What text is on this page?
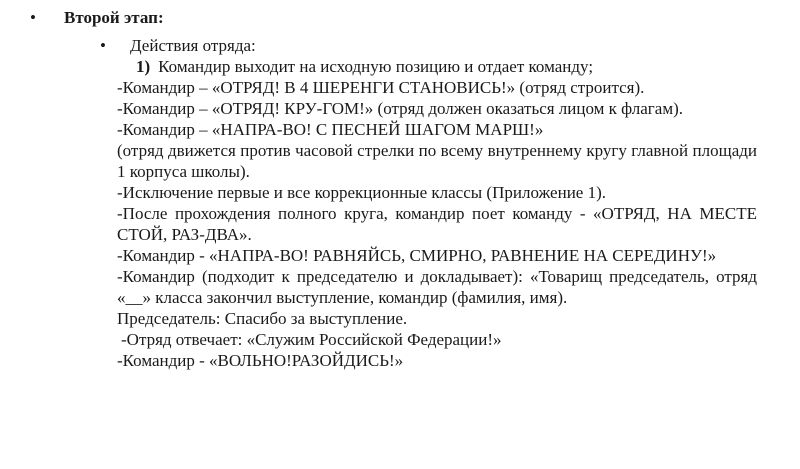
• Второй этап:
• Действия отряда:
1) Командир выходит на исходную позицию и отдает команду;

-Командир – «ОТРЯД! В 4 ШЕРЕНГИ СТАНОВИСЬ!» (отряд строится).

-Командир – «ОТРЯД! КРУ-ГОМ!» (отряд должен оказаться лицом к флагам).

-Командир – «НАПРА-ВО! С ПЕСНЕЙ ШАГОМ МАРШ!»

(отряд движется против часовой стрелки по всему внутреннему кругу главной площади 1 корпуса школы).

-Исключение первые и все коррекционные классы (Приложение 1).

-После прохождения полного круга, командир поет команду - «ОТРЯД, НА МЕСТЕ СТОЙ, РАЗ-ДВА».

-Командир - «НАПРА-ВО! РАВНЯЙСЬ, СМИРНО, РАВНЕНИЕ НА СЕРЕДИНУ!»

-Командир (подходит к председателю и докладывает): «Товарищ председатель, отряд «__» класса закончил выступление, командир (фамилия, имя).

Председатель: Спасибо за выступление.

-Отряд отвечает: «Служим Российской Федерации!»

-Командир - «ВОЛЬНО!РАЗОЙДИСЬ!»
